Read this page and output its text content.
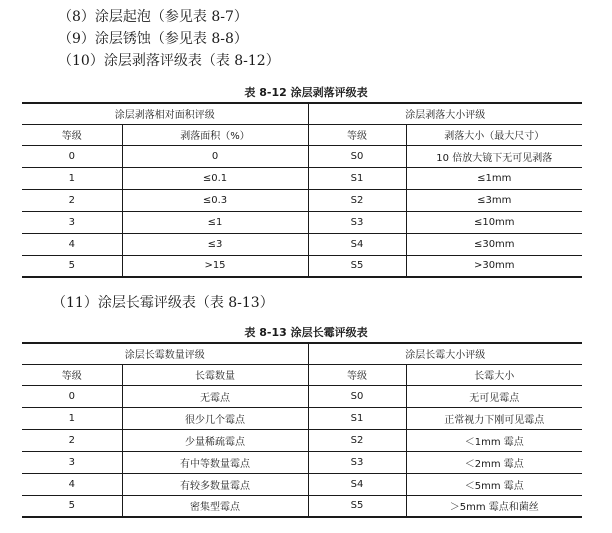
（8）涂层起泡（参见表 8-7）
（9）涂层锈蚀（参见表 8-8）
（10）涂层剥落评级表（表 8-12）
表 8-12 涂层剥落评级表
涂层剥落相对面积评级		涂层剥落大小评级	
等级	剥落面积（%）	等级	剥落大小（最大尺寸）
0	0	S0	10 倍放大镜下无可见剥落
1	≤0.1	S1	≤1mm
2	≤0.3	S2	≤3mm
3	≤1	S3	≤10mm
4	≤3	S4	≤30mm
5	>15	S5	>30mm
（11）涂层长霉评级表（表 8-13）
表 8-13 涂层长霉评级表
涂层长霉数量评级		涂层长霉大小评级	
等级	长霉数量	等级	长霉大小
0	无霉点	S0	无可见霉点
1	很少几个霉点	S1	正常视力下刚可见霉点
2	少量稀疏霉点	S2	＜1mm 霉点
3	有中等数量霉点	S3	＜2mm 霉点
4	有较多数量霉点	S4	＜5mm 霉点
5	密集型霉点	S5	＞5mm 霉点和菌丝
